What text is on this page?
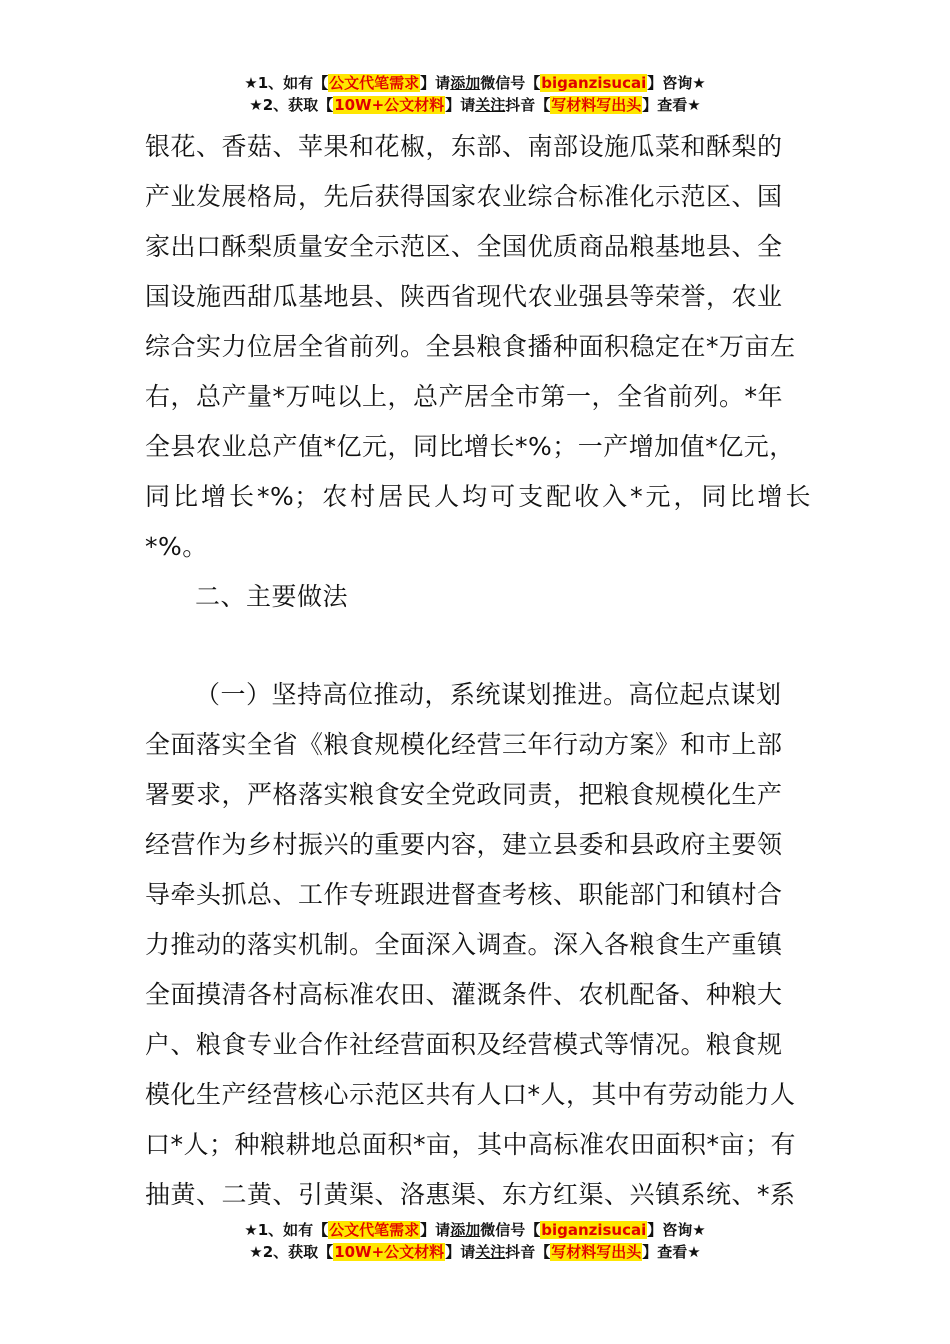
★1、如有【公文代笔需求】请添加微信号【biganzisucai】咨询★
★2、获取【10W+公文材料】请关注抖音【写材料写出头】查看★

银花、香菇、苹果和花椒，东部、南部设施瓜菜和酥梨的

产业发展格局，先后获得国家农业综合标准化示范区、国

家出口酥梨质量安全示范区、全国优质商品粮基地县、全

国设施西甜瓜基地县、陕西省现代农业强县等荣誉，农业

综合实力位居全省前列。全县粮食播种面积稳定在*万亩左

右，总产量*万吨以上，总产居全市第一，全省前列。*年

全县农业总产值*亿元，同比增长*%；一产增加值*亿元，

同比增长*%；农村居民人均可支配收入*元，同比增长*%。

二、主要做法

（一）坚持高位推动，系统谋划推进。高位起点谋划

全面落实全省《粮食规模化经营三年行动方案》和市上部

署要求，严格落实粮食安全党政同责，把粮食规模化生产

经营作为乡村振兴的重要内容，建立县委和县政府主要领

导牵头抓总、工作专班跟进督查考核、职能部门和镇村合

力推动的落实机制。全面深入调查。深入各粮食生产重镇

全面摸清各村高标准农田、灌溉条件、农机配备、种粮大

户、粮食专业合作社经营面积及经营模式等情况。粮食规

模化生产经营核心示范区共有人口*人，其中有劳动能力人

口*人；种粮耕地总面积*亩，其中高标准农田面积*亩；有

抽黄、二黄、引黄渠、洛惠渠、东方红渠、兴镇系统、*系

★1、如有【公文代笔需求】请添加微信号【biganzisucai】咨询★
★2、获取【10W+公文材料】请关注抖音【写材料写出头】查看★
